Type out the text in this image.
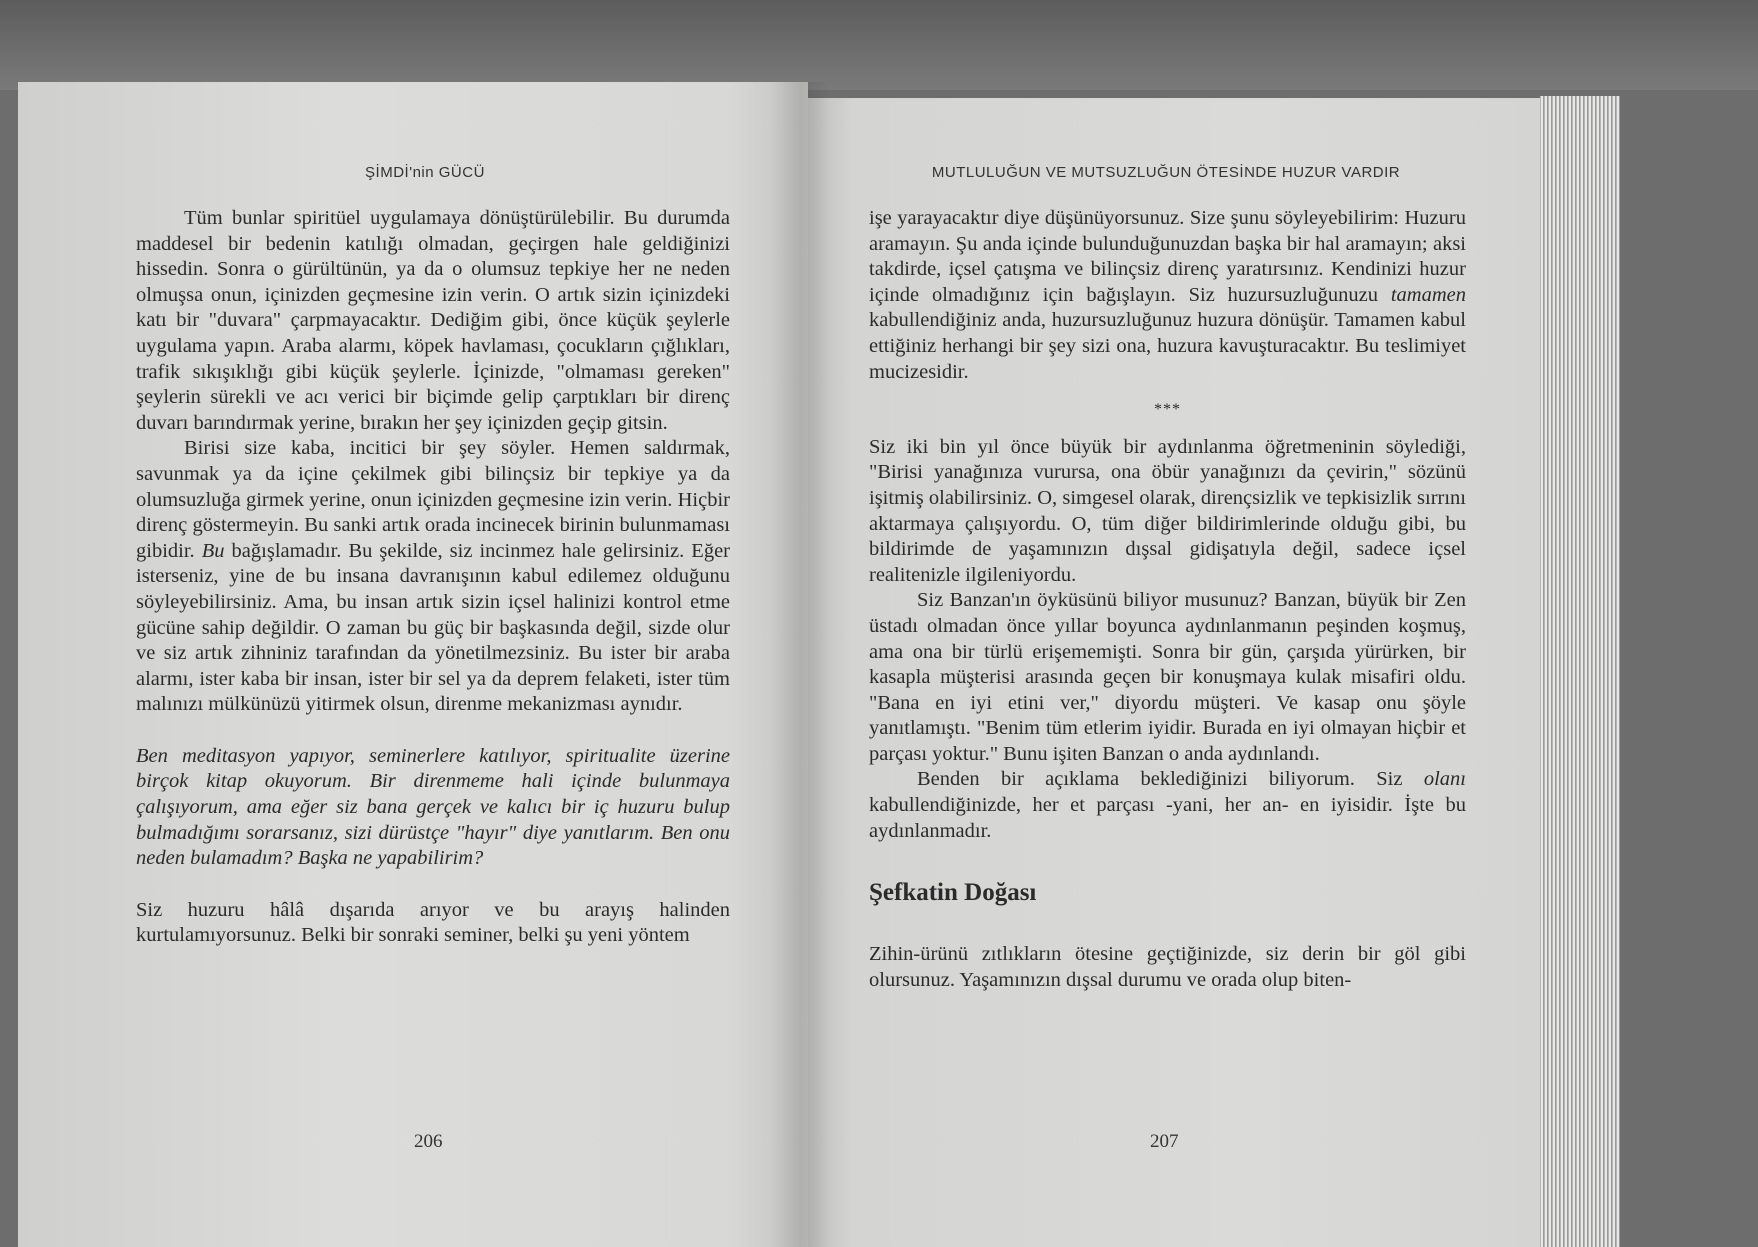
ŞİMDİ'nin GÜCÜ

Tüm bunlar spiritüel uygulamaya dönüştürülebilir. Bu durumda maddesel bir bedenin katılığı olmadan, geçirgen hale geldiğinizi hissedin. Sonra o gürültünün, ya da o olumsuz tepkiye her ne neden olmuşsa onun, içinizden geçmesine izin verin. O artık sizin içinizdeki katı bir "duvara" çarpmayacaktır. Dediğim gibi, önce küçük şeylerle uygulama yapın. Araba alarmı, köpek havlaması, çocukların çığlıkları, trafik sıkışıklığı gibi küçük şeylerle. İçinizde, "olmaması gereken" şeylerin sürekli ve acı verici bir biçimde gelip çarptıkları bir direnç duvarı barındırmak yerine, bırakın her şey içinizden geçip gitsin.

Birisi size kaba, incitici bir şey söyler. Hemen saldırmak, savunmak ya da içine çekilmek gibi bilinçsiz bir tepkiye ya da olumsuzluğa girmek yerine, onun içinizden geçmesine izin verin. Hiçbir direnç göstermeyin. Bu sanki artık orada incinecek birinin bulunmaması gibidir. Bu bağışlamadır. Bu şekilde, siz incinmez hale gelirsiniz. Eğer isterseniz, yine de bu insana davranışının kabul edilemez olduğunu söyleyebilirsiniz. Ama, bu insan artık sizin içsel halinizi kontrol etme gücüne sahip değildir. O zaman bu güç bir başkasında değil, sizde olur ve siz artık zihniniz tarafından da yönetilmezsiniz. Bu ister bir araba alarmı, ister kaba bir insan, ister bir sel ya da deprem felaketi, ister tüm malınızı mülkünüzü yitirmek olsun, direnme mekanizması aynıdır.

Ben meditasyon yapıyor, seminerlere katılıyor, spiritualite üzerine birçok kitap okuyorum. Bir direnmeme hali içinde bulunmaya çalışıyorum, ama eğer siz bana gerçek ve kalıcı bir iç huzuru bulup bulmadığımı sorarsanız, sizi dürüstçe "hayır" diye yanıtlarım. Ben onu neden bulamadım? Başka ne yapabilirim?

Siz huzuru hâlâ dışarıda arıyor ve bu arayış halinden kurtulamıyorsunuz. Belki bir sonraki seminer, belki şu yeni yöntem

206
MUTLULUĞUN VE MUTSUZLUĞUN ÖTESİNDE HUZUR VARDIR

işe yarayacaktır diye düşünüyorsunuz. Size şunu söyleyebilirim: Huzuru aramayın. Şu anda içinde bulunduğunuzdan başka bir hal aramayın; aksi takdirde, içsel çatışma ve bilinçsiz direnç yaratırsınız. Kendinizi huzur içinde olmadığınız için bağışlayın. Siz huzursuzluğunuzu tamamen kabullendiğiniz anda, huzursuzluğunuz huzura dönüşür. Tamamen kabul ettiğiniz herhangi bir şey sizi ona, huzura kavuşturacaktır. Bu teslimiyet mucizesidir.

***

Siz iki bin yıl önce büyük bir aydınlanma öğretmeninin söylediği, "Birisi yanağınıza vurursa, ona öbür yanağınızı da çevirin," sözünü işitmiş olabilirsiniz. O, simgesel olarak, dirençsizlik ve tepkisizlik sırrını aktarmaya çalışıyordu. O, tüm diğer bildirimlerinde olduğu gibi, bu bildirimde de yaşamınızın dışsal gidişatıyla değil, sadece içsel realitenizle ilgileniyordu.

Siz Banzan'ın öyküsünü biliyor musunuz? Banzan, büyük bir Zen üstadı olmadan önce yıllar boyunca aydınlanmanın peşinden koşmuş, ama ona bir türlü erişememişti. Sonra bir gün, çarşıda yürürken, bir kasapla müşterisi arasında geçen bir konuşmaya kulak misafiri oldu. "Bana en iyi etini ver," diyordu müşteri. Ve kasap onu şöyle yanıtlamıştı. "Benim tüm etlerim iyidir. Burada en iyi olmayan hiçbir et parçası yoktur." Bunu işiten Banzan o anda aydınlandı.

Benden bir açıklama beklediğinizi biliyorum. Siz olanı kabullendiğinizde, her et parçası -yani, her an- en iyisidir. İşte bu aydınlanmadır.

Şefkatin Doğası

Zihin-ürünü zıtlıkların ötesine geçtiğinizde, siz derin bir göl gibi olursunuz. Yaşamınızın dışsal durumu ve orada olup biten-

207
